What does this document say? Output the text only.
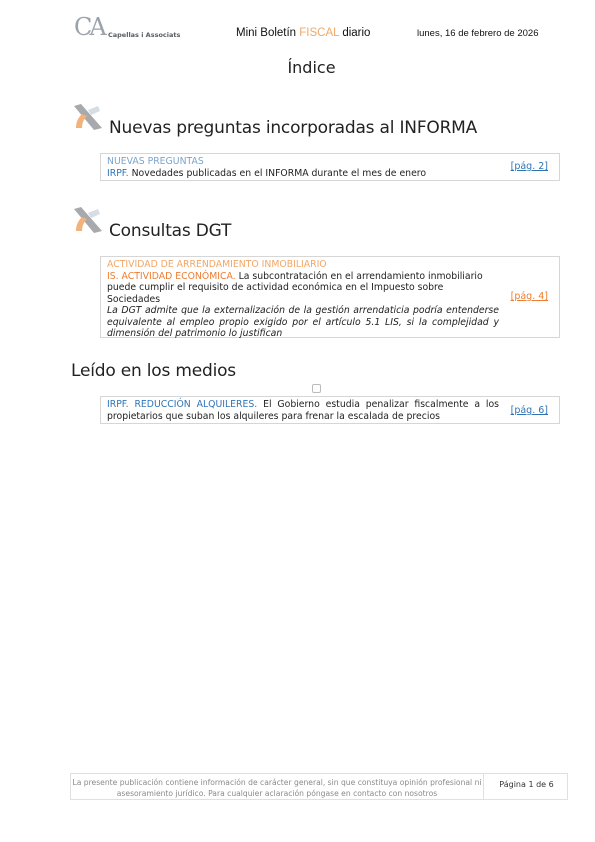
CA Capellas i Associats	Mini Boletín FISCAL diario	lunes, 16 de febrero de 2026
Índice
Nuevas preguntas incorporadas al INFORMA
NUEVAS PREGUNTAS
IRPF. Novedades publicadas en el INFORMA durante el mes de enero
[pág. 2]
Consultas DGT
ACTIVIDAD DE ARRENDAMIENTO INMOBILIARIO
IS. ACTIVIDAD ECONÓMICA. La subcontratación en el arrendamiento inmobiliario puede cumplir el requisito de actividad económica en el Impuesto sobre Sociedades
La DGT admite que la externalización de la gestión arrendaticia podría entenderse equivalente al empleo propio exigido por el artículo 5.1 LIS, si la complejidad y dimensión del patrimonio lo justifican
[pág. 4]
Leído en los medios
IRPF. REDUCCIÓN ALQUILERES. El Gobierno estudia penalizar fiscalmente a los propietarios que suban los alquileres para frenar la escalada de precios	[pág. 6]
La presente publicación contiene información de carácter general, sin que constituya opinión profesional ni asesoramiento jurídico. Para cualquier aclaración póngase en contacto con nosotros
Página 1 de 6
